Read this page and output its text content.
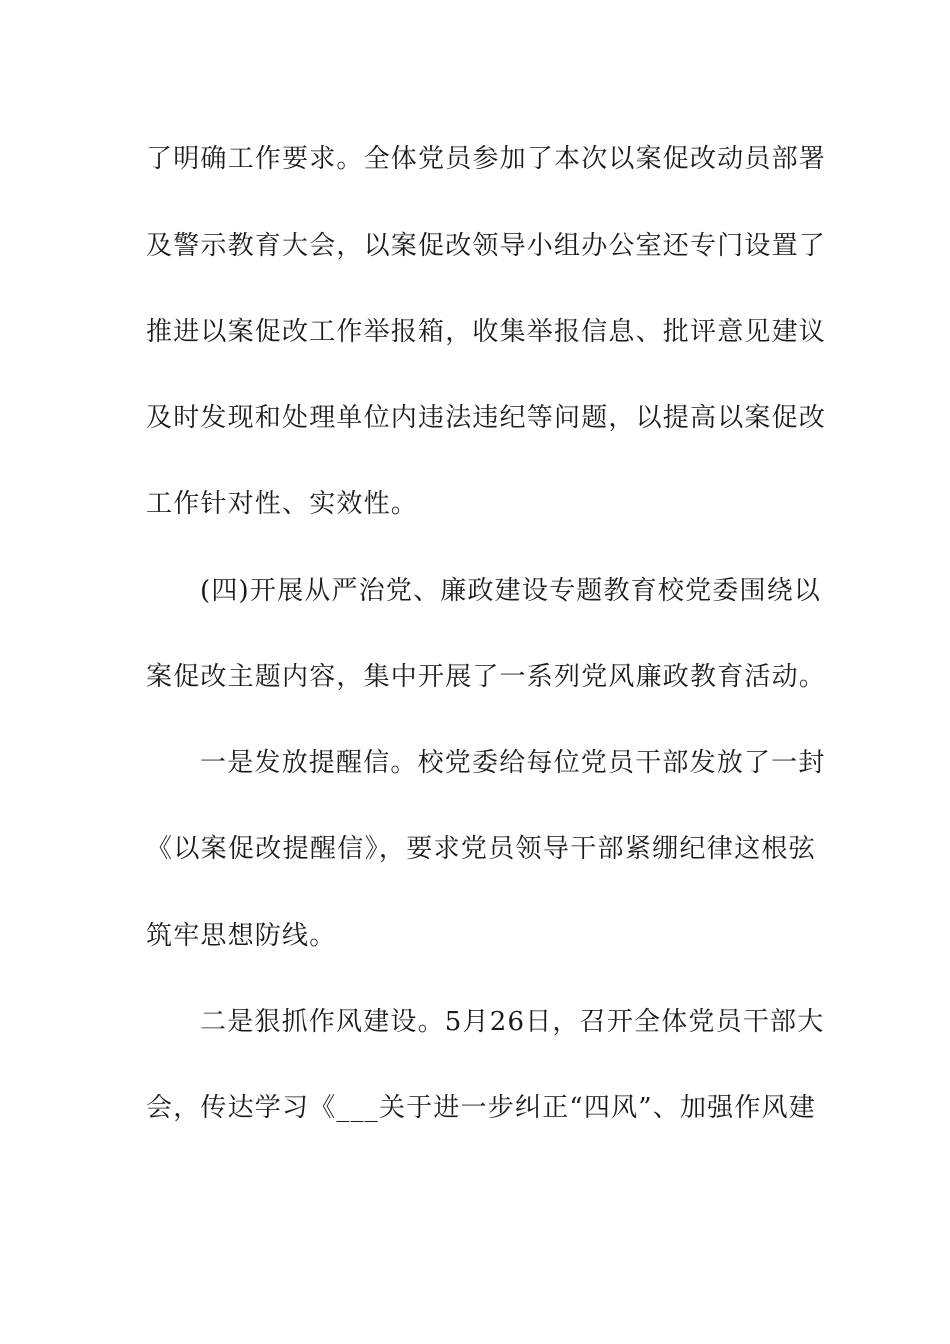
了明确工作要求。全体党员参加了本次以案促改动员部署
及警示教育大会，以案促改领导小组办公室还专门设置了
推进以案促改工作举报箱，收集举报信息、批评意见建议
及时发现和处理单位内违法违纪等问题，以提高以案促改
工作针对性、实效性。
(四)开展从严治党、廉政建设专题教育校党委围绕以
案促改主题内容，集中开展了一系列党风廉政教育活动。
一是发放提醒信。校党委给每位党员干部发放了一封
《以案促改提醒信》，要求党员领导干部紧绷纪律这根弦
筑牢思想防线。
二是狠抓作风建设。5月26日，召开全体党员干部大
会，传达学习《___关于进一步纠正“四风”、加强作风建
